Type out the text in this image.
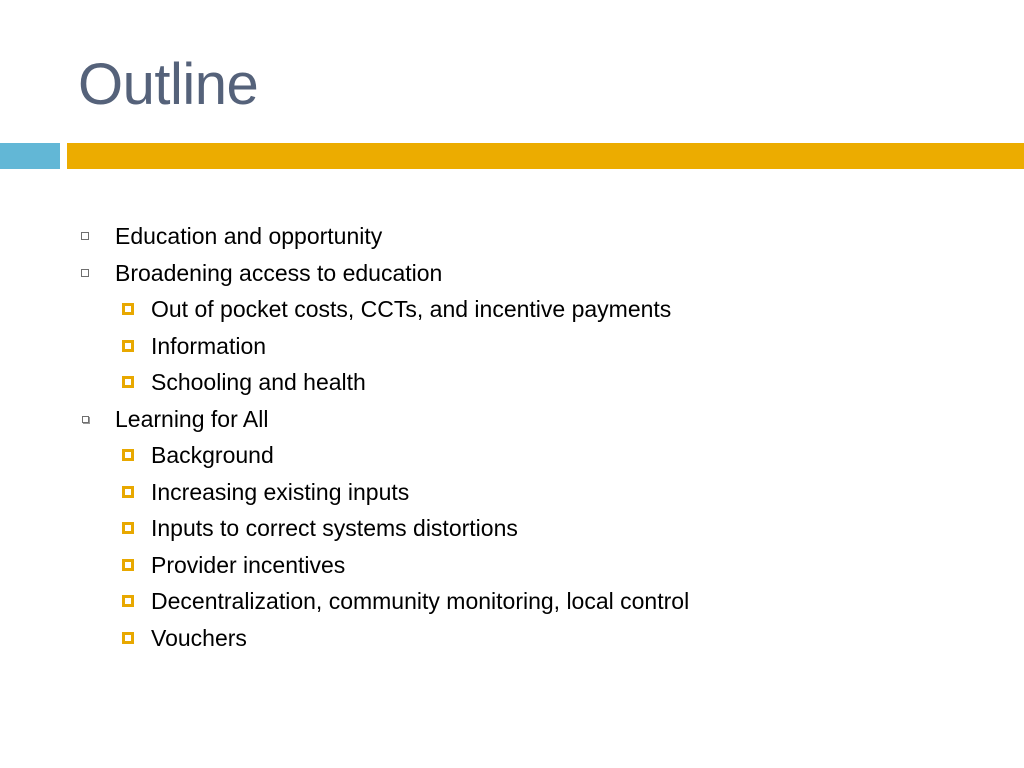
Outline
Education and opportunity
Broadening access to education
Out of pocket costs, CCTs, and incentive payments
Information
Schooling and health
Learning for All
Background
Increasing existing inputs
Inputs to correct systems distortions
Provider incentives
Decentralization, community monitoring, local control
Vouchers
